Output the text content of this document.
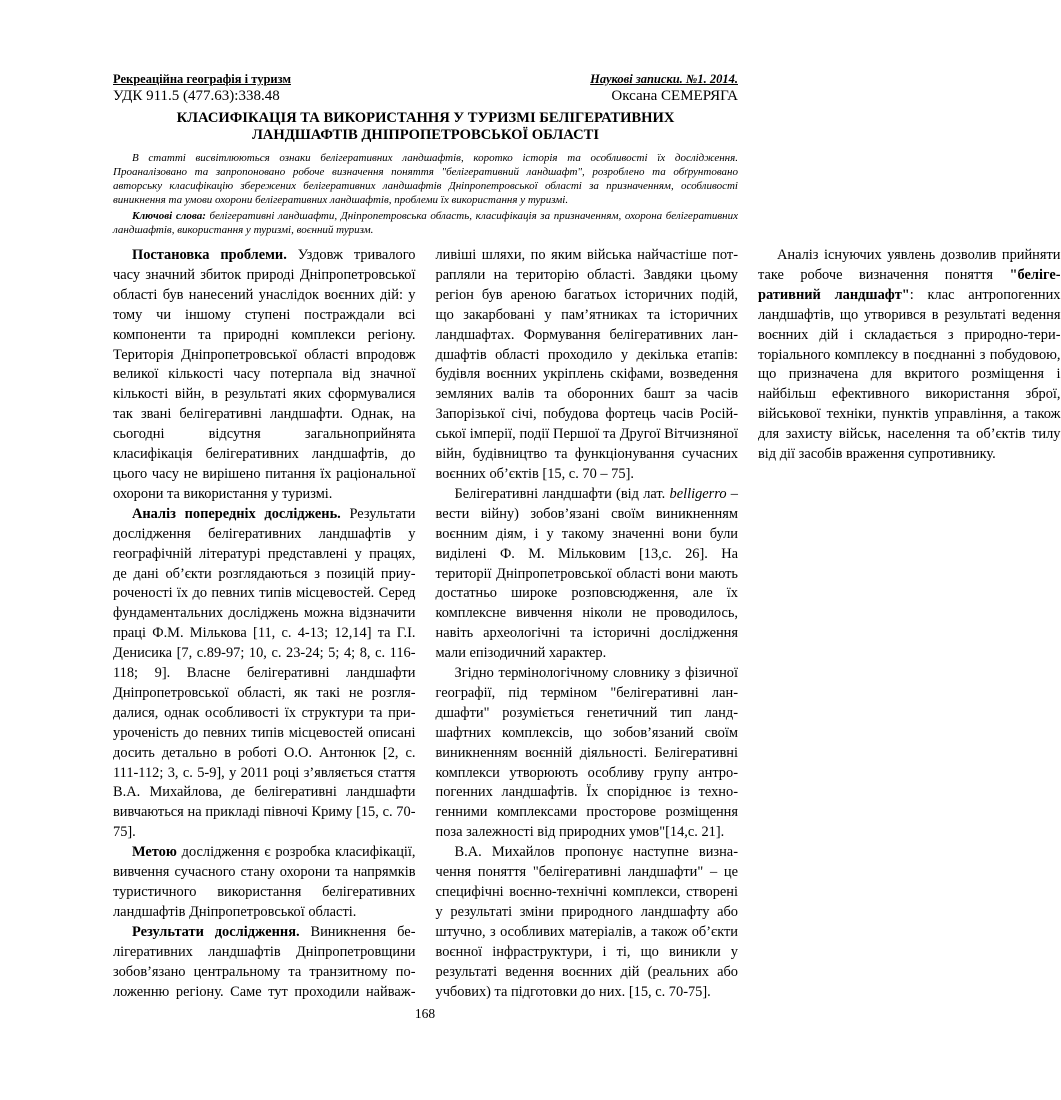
Рекреаційна географія і туризм	Наукові записки. №1. 2014.
УДК 911.5 (477.63):338.48	Оксана СЕМЕРЯГА
КЛАСИФІКАЦІЯ ТА ВИКОРИСТАННЯ У ТУРИЗМІ БЕЛІГЕРАТИВНИХ
ЛАНДШАФТІВ ДНІПРОПЕТРОВСЬКОЇ ОБЛАСТІ
В статті висвітлюються ознаки белігеративних ландшафтів, коротко історія та особливості їх дослідження. Проаналізовано та запропоновано робоче визначення поняття "белігеративний ландшафт", розроблено та обґрунтовано авторську класифікацію збережених белігеративних ландшафтів Дніпропетровської області за призначенням, особливості виникнення та умови охорони белігеративних ландшафтів, проблеми їх використання у туризмі.
Ключові слова: белігеративні ландшафти, Дніпропетровська область, класифікація за призначенням, охорона белігеративних ландшафтів, використання у туризмі, воєнний туризм.

Постановка проблеми. Уздовж тривалого часу значний збиток природі Дніпропетровської області був нанесений унаслідок воєнних дій: у тому чи іншому ступені постраждали всі компоненти та природні комплекси регіону. Територія Дніпропетровської області впродовж великої кількості часу потерпала від значної кількості війн, в результаті яких сформувалися так звані белігеративні ландшафти. Однак, на сьогодні відсутня загальноприйнята класифікація белігеративних ландшафтів, до цього часу не вирішено питання їх раціональної охорони та використання у туризмі.

Аналіз попередніх досліджень. Результати дослідження белігеративних ландшафтів у географічній літературі представлені у працях, де дані об’єкти розглядаються з позицій приуроченості їх до певних типів місцевостей. Серед фундаментальних досліджень можна відзначити праці Ф.М. Мількова [11, с. 4-13; 12,14] та Г.І. Денисика [7, с.89-97; 10, с. 23-24; 5; 4; 8, с. 116-118; 9]. Власне белігеративні ландшафти Дніпропетровської області, як такі не розглядалися, однак особливості їх структури та приуроченість до певних типів місцевостей описані досить детально в роботі О.О. Антонюк [2, с. 111-112; 3, с. 5-9], у 2011 році з’являється стаття В.А. Михайлова, де белігеративні ландшафти вивчаються на прикладі півночі Криму [15, с. 70-75].

Метою дослідження є розробка класифікації, вивчення сучасного стану охорони та напрямків туристичного використання белігеративних ландшафтів Дніпропетровської області.

Результати дослідження. Виникнення белігеративних ландшафтів Дніпропетровщини зобов’язано центральному та транзитному положенню регіону. Саме тут проходили найважливіші шляхи, по яким війська найчастіше потрапляли на територію області. Завдяки цьому регіон був ареною багатьох історичних подій, що закарбовані у пам’ятниках та історичних ландшафтах. Формування белігеративних ландшафтів області проходило у декілька етапів: будівля воєнних укріплень скіфами, возведення земляних валів та оборонних башт за часів Запорізької січі, побудова фортець часів Російської імперії, події Першої та Другої Вітчизняної війн, будівництво та функціонування сучасних воєнних об’єктів [15, с. 70 – 75].

Белігеративні ландшафти (від лат. belligerro – вести війну) зобов’язані своїм виникненням воєнним діям, і у такому значенні вони були виділені Ф. М. Мільковим [13,с. 26]. На території Дніпропетровської області вони мають достатньо широке розповсюдження, але їх комплексне вивчення ніколи не проводилось, навіть археологічні та історичні дослідження мали епізодичний характер.

Згідно термінологічному словнику з фізичної географії, під терміном "белігеративні ландшафти" розуміється генетичний тип ландшафтних комплексів, що зобов’язаний своїм виникненням воєнній діяльності. Белігеративні комплекси утворюють особливу групу антропогенних ландшафтів. Їх споріднює із техногенними комплексами просторове розміщення поза залежності від природних умов"[14,с. 21].

В.А. Михайлов пропонує наступне визначення поняття "белігеративні ландшафти" – це специфічні воєнно-технічні комплекси, створені у результаті зміни природного ландшафту або штучно, з особливих матеріалів, а також об’єкти воєнної інфраструктури, і ті, що виникли у результаті ведення воєнних дій (реальних або учбових) та підготовки до них. [15, с. 70-75].

Аналіз існуючих уявлень дозволив прийняти таке робоче визначення поняття "белігеративний ландшафт": клас антропогенних ландшафтів, що утворився в результаті ведення воєнних дій і складається з природно-територіального комплексу в поєднанні з побудовою, що призначена для вкритого розміщення і найбільш ефективного використання зброї, військової техніки, пунктів управління, а також для захисту військ, населення та об’єктів тилу від дії засобів враження супротивнику.

168
